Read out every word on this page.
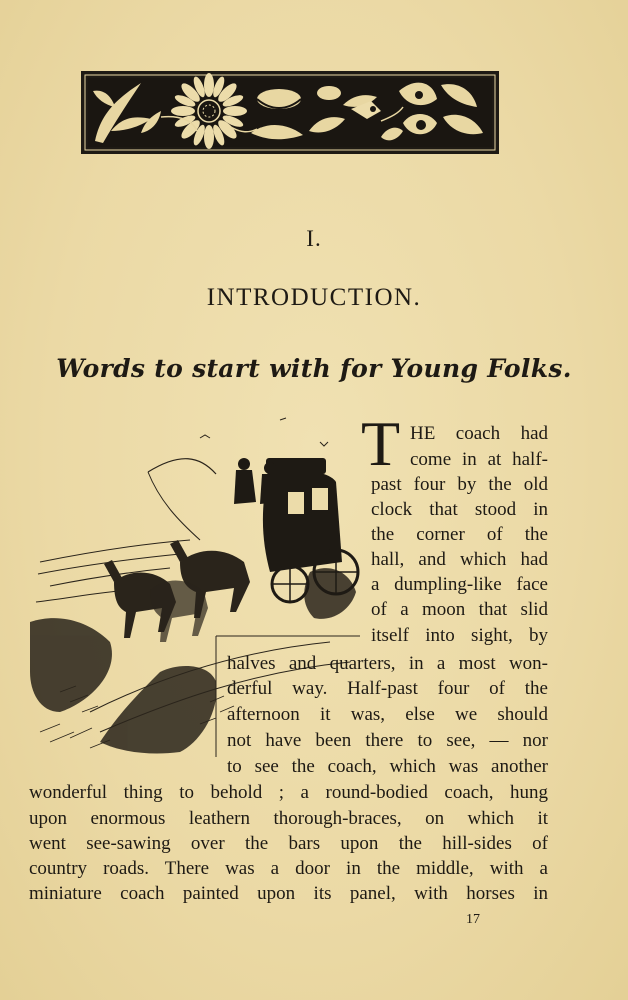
I.
INTRODUCTION.
Words to start with for Young Folks.
T HE coach had
come in at half-
past four by the old
clock that stood in
the corner of the
hall, and which had
a dumpling-like face
of a moon that slid
itself into sight, by
halves and quarters, in a most won-
derful way. Half-past four of the
afternoon it was, else we should
not have been there to see, — nor
to see the coach, which was another
wonderful thing to behold ; a round-bodied coach, hung
upon enormous leathern thorough-braces, on which it
went see-sawing over the bars upon the hill-sides of
country roads. There was a door in the middle, with a
miniature coach painted upon its panel, with horses in
17
